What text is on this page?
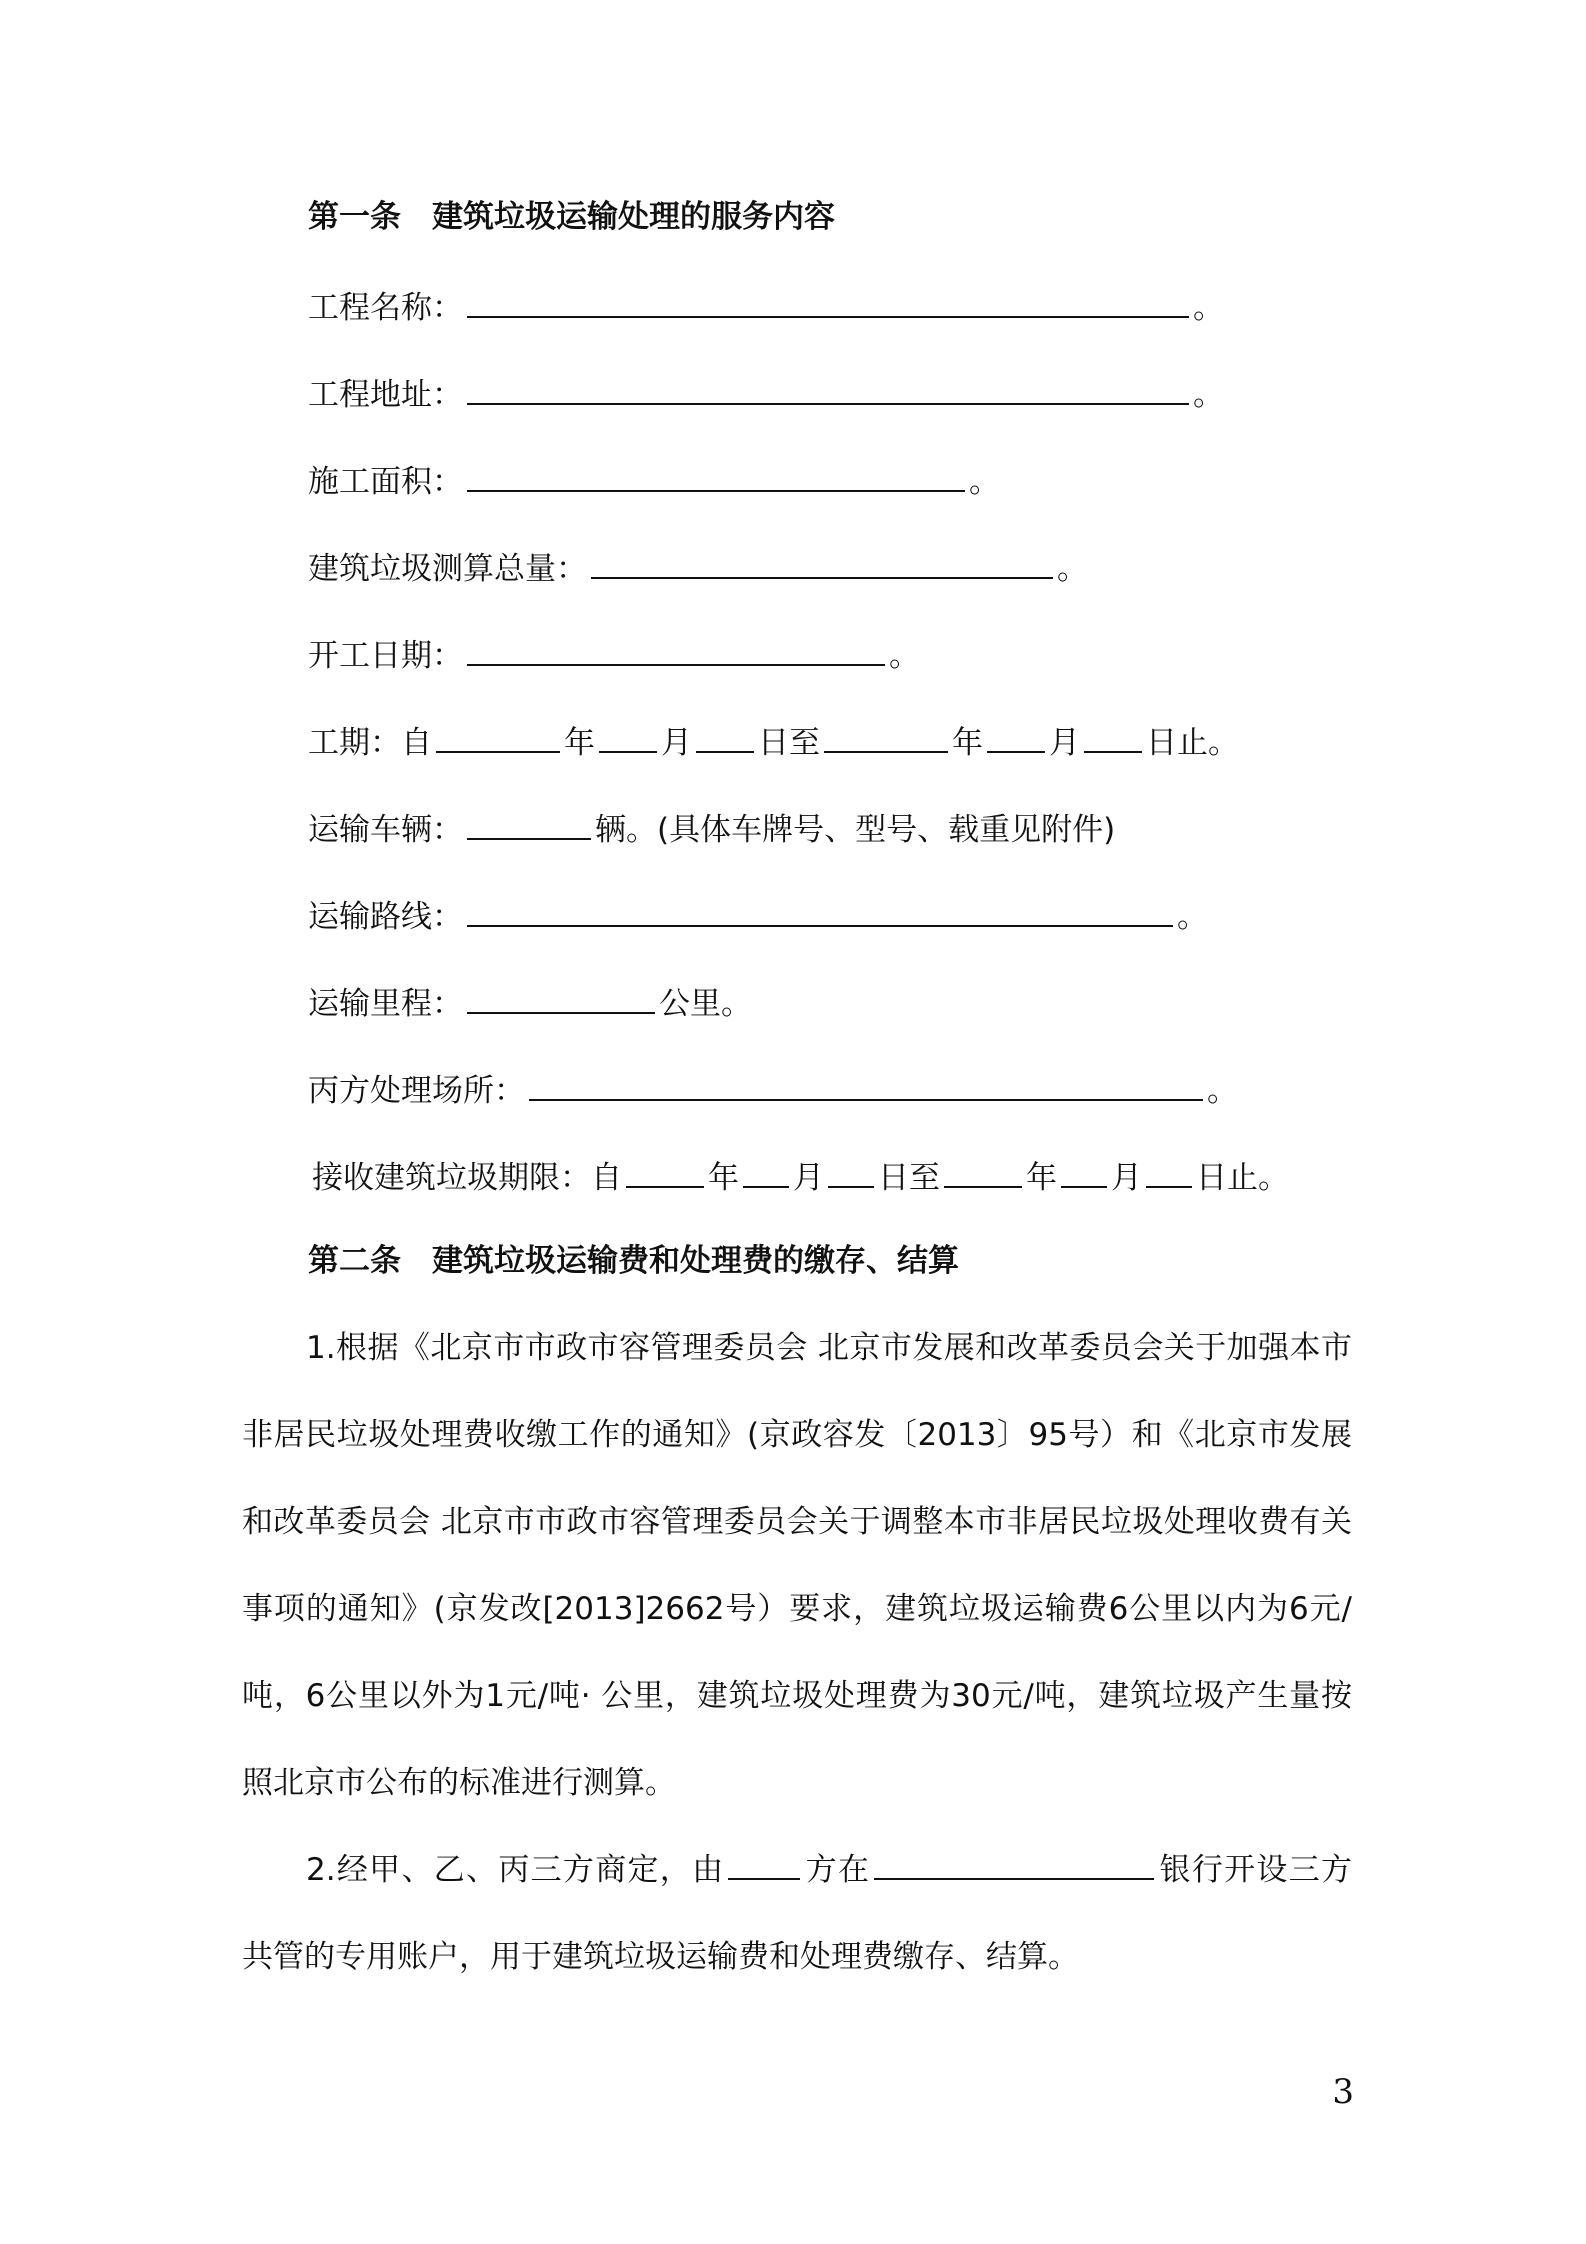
第一条　建筑垃圾运输处理的服务内容
工程名称：	。
工程地址：	。
施工面积：	。
建筑垃圾测算总量：	。
开工日期：	。
工期：自	年 月 日至	年 月 日止。
运输车辆：	辆。(具体车牌号、型号、载重见附件)
运输路线：	。
运输里程：	公里。
丙方处理场所：	。
接收建筑垃圾期限：自	年 月 日至	年 月 日止。
第二条　建筑垃圾运输费和处理费的缴存、结算
1.根据《北京市市政市容管理委员会 北京市发展和改革委员会关于加强本市非居民垃圾处理费收缴工作的通知》(京政容发〔2013〕95号）和《北京市发展和改革委员会 北京市市政市容管理委员会关于调整本市非居民垃圾处理收费有关事项的通知》(京发改[2013]2662号）要求，建筑垃圾运输费6公里以内为6元/吨，6公里以外为1元/吨· 公里，建筑垃圾处理费为30元/吨，建筑垃圾产生量按照北京市公布的标准进行测算。
2.经甲、乙、丙三方商定，由	方在	银行开设三方共管的专用账户，用于建筑垃圾运输费和处理费缴存、结算。
3
